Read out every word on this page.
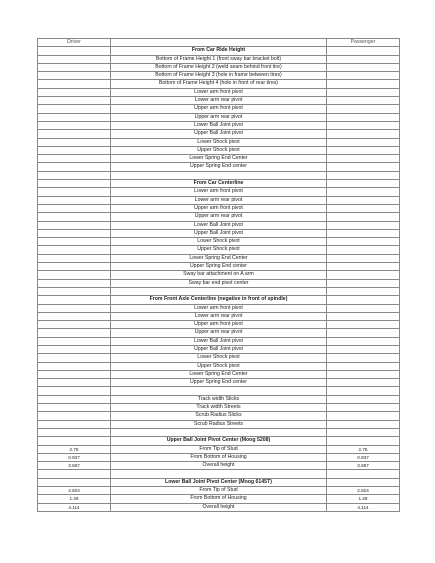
Driver		Passenger
	From Car Ride Height	
	Bottom of Frame Height 1 (front sway bar bracket bolt)	
	Bottom of Frame Height 2 (weld seam behind front tire)	
	Bottom of Frame Height 3 (hole in frame between tires)	
	Bottom of Frame Height 4 (hole in front of rear tires)	
	Lower arm front pivot	
	Lower arm rear pivot	
	Upper arm front pivot	
	Upper arm rear pivot	
	Lower Ball Joint pivot	
	Upper Ball Joint pivot	
	Lower Shock pivot	
	Upper Shock pivot	
	Lower Spring End Center	
	Upper Spring End center	

	From Car Centerline	
	Lower arm front pivot	
	Lower arm rear pivot	
	Upper arm front pivot	
	Upper arm rear pivot	
	Lower Ball Joint pivot	
	Upper Ball Joint pivot	
	Lower Shock pivot	
	Upper Shock pivot	
	Lower Spring End Center	
	Upper Spring End center	
	Sway bar attachment on A arm	
	Sway bar end pivot center	

	From Front Axle Centerline (negative in front of spindle)	
	Lower arm front pivot	
	Lower arm rear pivot	
	Upper arm front pivot	
	Upper arm rear pivot	
	Lower Ball Joint pivot	
	Upper Ball Joint pivot	
	Lower Shock pivot	
	Upper Shock pivot	
	Lower Spring End Center	
	Upper Spring End center	

	Track width Slicks	
	Track width Streets	
	Scrub Radius Slicks	
	Scrub Radius Streets	

	Upper Ball Joint Pivot Center (Moog 5208)	
2.75	From Tip of Stud	2.75
0.937	From Bottom of Housing	0.937
3.687	Overall height	3.687

	Lower Ball Joint Pivot Center (Moog 6145T)	
2.824	From Tip of Stud	2.824
1.29	From Bottom of Housing	1.29
4.114	Overall height	4.114
